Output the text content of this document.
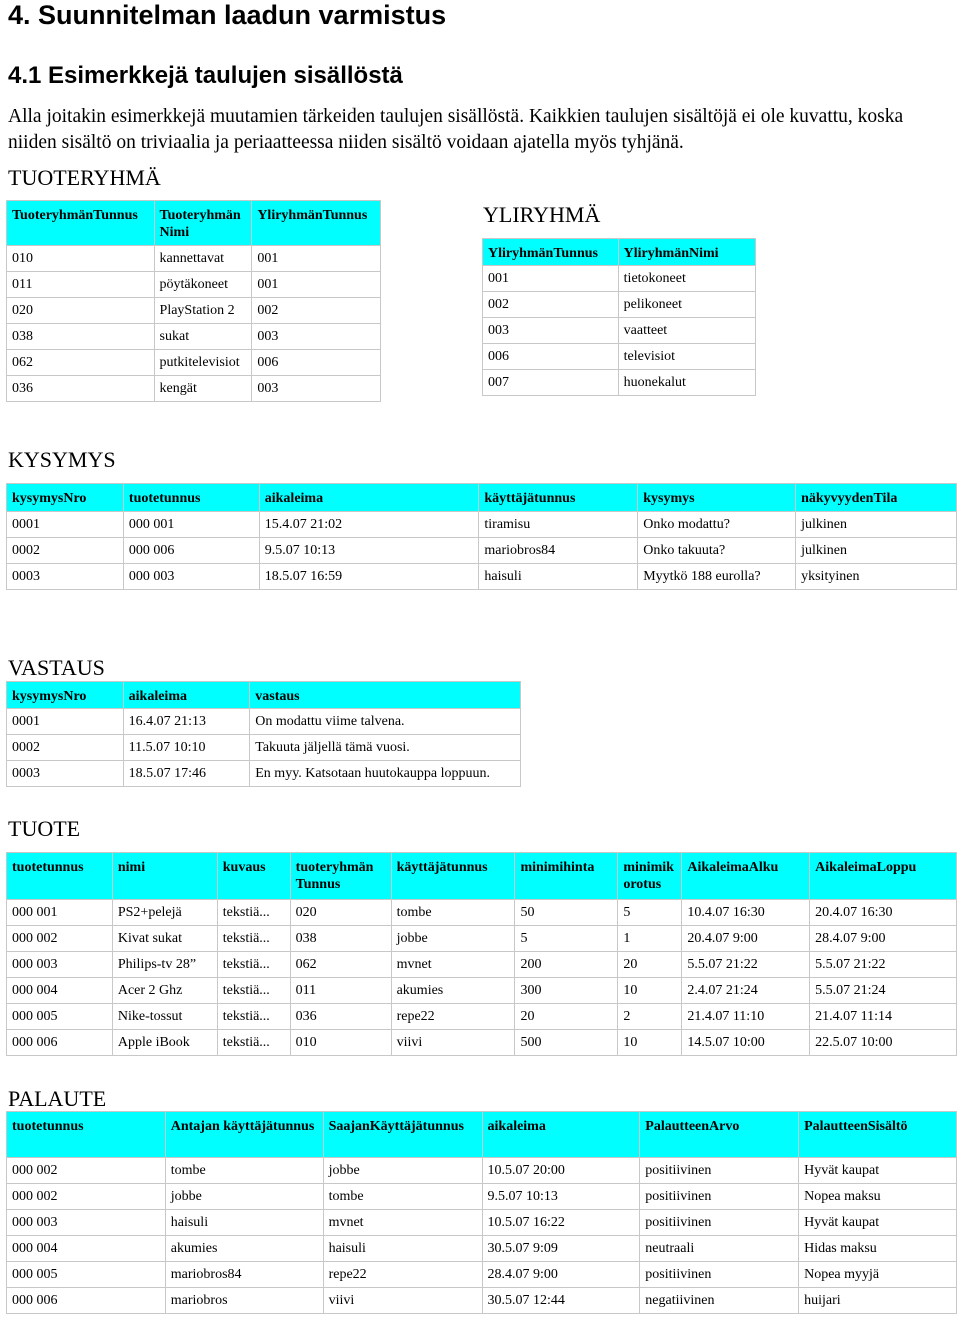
4. Suunnitelman laadun varmistus
4.1 Esimerkkejä taulujen sisällöstä
Alla joitakin esimerkkejä muutamien tärkeiden taulujen sisällöstä. Kaikkien taulujen sisältöjä ei ole kuvattu, koska niiden sisältö on triviaalia ja periaatteessa niiden sisältö voidaan ajatella myös tyhjänä.
TUOTERYHMÄ
TuoteryhmänTunnus	Tuoteryhmän Nimi	YliryhmänTunnus
010	kannettavat	001
011	pöytäkoneet	001
020	PlayStation 2	002
038	sukat	003
062	putkitelevisiot	006
036	kengät	003
YLIRYHMÄ
YliryhmänTunnus	YliryhmänNimi
001	tietokoneet
002	pelikoneet
003	vaatteet
006	televisiot
007	huonekalut
KYSYMYS
kysymysNro	tuotetunnus	aikaleima	käyttäjätunnus	kysymys	näkyvyydenTila
0001	000 001	15.4.07 21:02	tiramisu	Onko modattu?	julkinen
0002	000 006	9.5.07 10:13	mariobros84	Onko takuuta?	julkinen
0003	000 003	18.5.07 16:59	haisuli	Myytkö 188 eurolla?	yksityinen
VASTAUS
kysymysNro	aikaleima	vastaus
0001	16.4.07 21:13	On modattu viime talvena.
0002	11.5.07 10:10	Takuuta jäljellä tämä vuosi.
0003	18.5.07 17:46	En myy. Katsotaan huutokauppa loppuun.
TUOTE
tuotetunnus	nimi	kuvaus	tuoteryhmän Tunnus	käyttäjätunnus	minimihinta	minimik orotus	AikaleimaAlku	AikaleimaLoppu
000 001	PS2+pelejä	tekstiä...	020	tombe	50	5	10.4.07 16:30	20.4.07 16:30
000 002	Kivat sukat	tekstiä...	038	jobbe	5	1	20.4.07 9:00	28.4.07 9:00
000 003	Philips-tv 28”	tekstiä...	062	mvnet	200	20	5.5.07 21:22	5.5.07 21:22
000 004	Acer 2 Ghz	tekstiä...	011	akumies	300	10	2.4.07 21:24	5.5.07 21:24
000 005	Nike-tossut	tekstiä...	036	repe22	20	2	21.4.07 11:10	21.4.07 11:14
000 006	Apple iBook	tekstiä...	010	viivi	500	10	14.5.07 10:00	22.5.07 10:00
PALAUTE
tuotetunnus	Antajan käyttäjätunnus	SaajanKäyttäjätunnus	aikaleima	PalautteenArvo	PalautteenSisältö
000 002	tombe	jobbe	10.5.07 20:00	positiivinen	Hyvät kaupat
000 002	jobbe	tombe	9.5.07 10:13	positiivinen	Nopea maksu
000 003	haisuli	mvnet	10.5.07 16:22	positiivinen	Hyvät kaupat
000 004	akumies	haisuli	30.5.07 9:09	neutraali	Hidas maksu
000 005	mariobros84	repe22	28.4.07 9:00	positiivinen	Nopea myyjä
000 006	mariobros	viivi	30.5.07 12:44	negatiivinen	huijari
